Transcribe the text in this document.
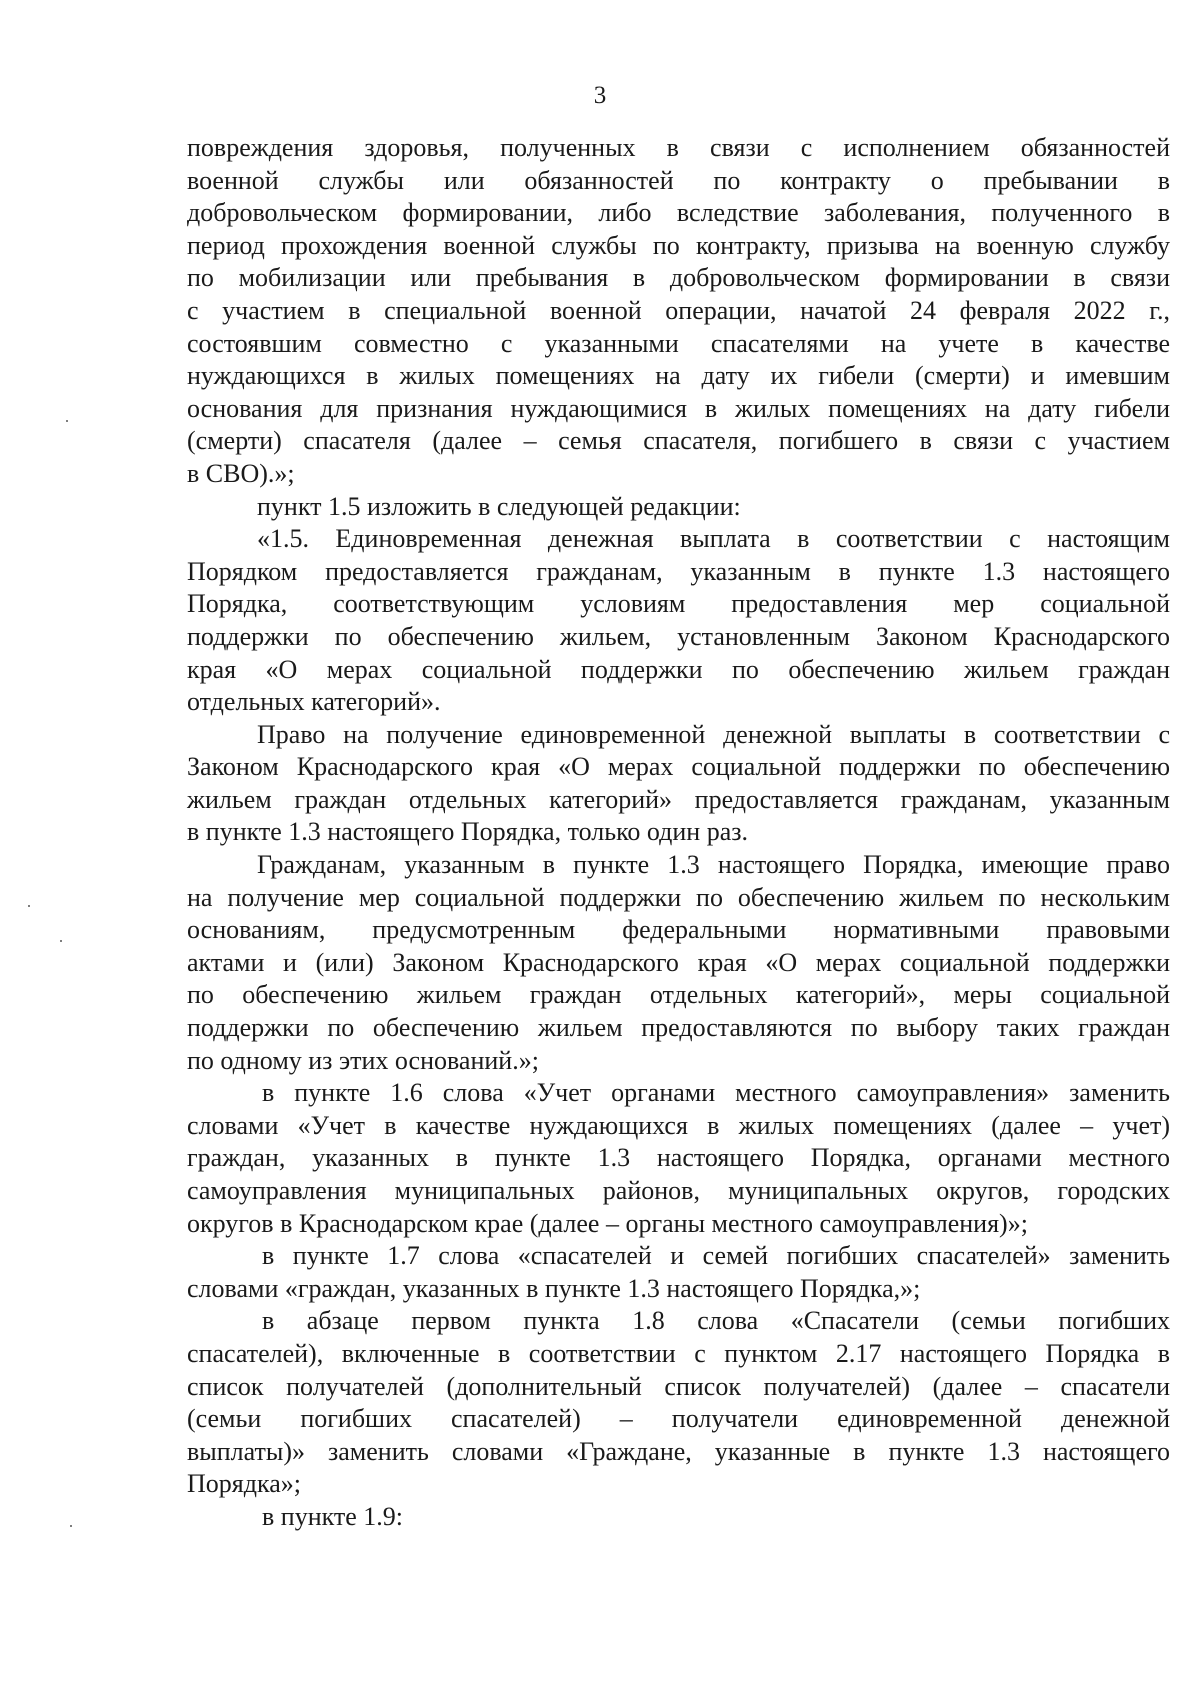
3
повреждения здоровья, полученных в связи с исполнением обязанностей
военной службы или обязанностей по контракту о пребывании в
добровольческом формировании, либо вследствие заболевания, полученного в
период прохождения военной службы по контракту, призыва на военную службу
по мобилизации или пребывания в добровольческом формировании в связи
с участием в специальной военной операции, начатой 24 февраля 2022 г.,
состоявшим совместно с указанными спасателями на учете в качестве
нуждающихся в жилых помещениях на дату их гибели (смерти) и имевшим
основания для признания нуждающимися в жилых помещениях на дату гибели
(смерти) спасателя (далее – семья спасателя, погибшего в связи с участием
в СВО).»;
пункт 1.5 изложить в следующей редакции:
«1.5. Единовременная денежная выплата в соответствии с настоящим
Порядком предоставляется гражданам, указанным в пункте 1.3 настоящего
Порядка, соответствующим условиям предоставления мер социальной
поддержки по обеспечению жильем, установленным Законом Краснодарского
края «О мерах социальной поддержки по обеспечению жильем граждан
отдельных категорий».
Право на получение единовременной денежной выплаты в соответствии с
Законом Краснодарского края «О мерах социальной поддержки по обеспечению
жильем граждан отдельных категорий» предоставляется гражданам, указанным
в пункте 1.3 настоящего Порядка, только один раз.
Гражданам, указанным в пункте 1.3 настоящего Порядка, имеющие право
на получение мер социальной поддержки по обеспечению жильем по нескольким
основаниям, предусмотренным федеральными нормативными правовыми
актами и (или) Законом Краснодарского края «О мерах социальной поддержки
по обеспечению жильем граждан отдельных категорий», меры социальной
поддержки по обеспечению жильем предоставляются по выбору таких граждан
по одному из этих оснований.»;
в пункте 1.6 слова «Учет органами местного самоуправления» заменить
словами «Учет в качестве нуждающихся в жилых помещениях (далее – учет)
граждан, указанных в пункте 1.3 настоящего Порядка, органами местного
самоуправления муниципальных районов, муниципальных округов, городских
округов в Краснодарском крае (далее – органы местного самоуправления)»;
в пункте 1.7 слова «спасателей и семей погибших спасателей» заменить
словами «граждан, указанных в пункте 1.3 настоящего Порядка,»;
в абзаце первом пункта 1.8 слова «Спасатели (семьи погибших
спасателей), включенные в соответствии с пунктом 2.17 настоящего Порядка в
список получателей (дополнительный список получателей) (далее – спасатели
(семьи погибших спасателей) – получатели единовременной денежной
выплаты)» заменить словами «Граждане, указанные в пункте 1.3 настоящего
Порядка»;
в пункте 1.9:
